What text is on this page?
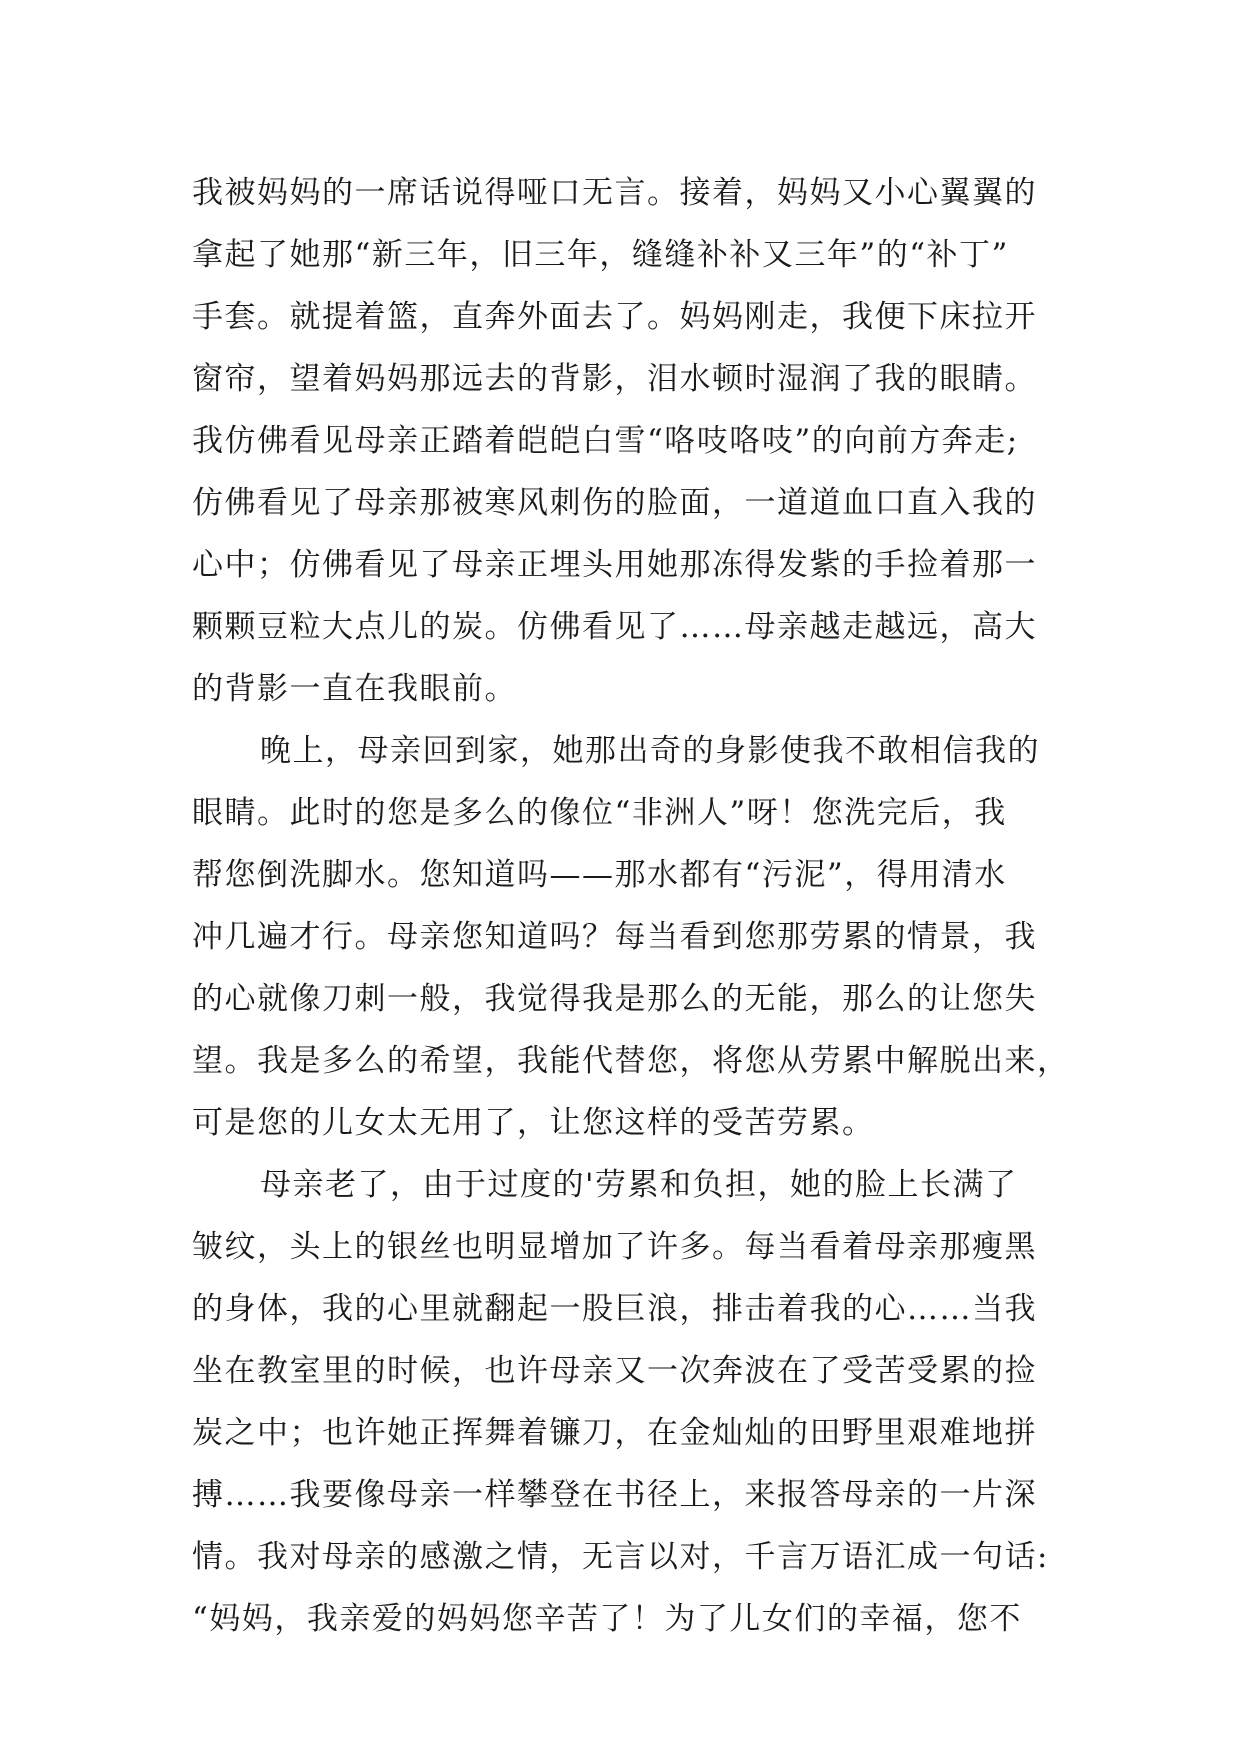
我被妈妈的一席话说得哑口无言。接着，妈妈又小心翼翼的
拿起了她那“新三年，旧三年，缝缝补补又三年”的“补丁”
手套。就提着篮，直奔外面去了。妈妈刚走，我便下床拉开
窗帘，望着妈妈那远去的背影，泪水顿时湿润了我的眼睛。
我仿佛看见母亲正踏着皑皑白雪“咯吱咯吱”的向前方奔走;
仿佛看见了母亲那被寒风刺伤的脸面，一道道血口直入我的
心中；仿佛看见了母亲正埋头用她那冻得发紫的手捡着那一
颗颗豆粒大点儿的炭。仿佛看见了……母亲越走越远，高大
的背影一直在我眼前。

晚上，母亲回到家，她那出奇的身影使我不敢相信我的
眼睛。此时的您是多么的像位“非洲人”呀！您洗完后，我
帮您倒洗脚水。您知道吗——那水都有“污泥”，得用清水
冲几遍才行。母亲您知道吗？每当看到您那劳累的情景，我
的心就像刀刺一般，我觉得我是那么的无能，那么的让您失
望。我是多么的希望，我能代替您，将您从劳累中解脱出来，
可是您的儿女太无用了，让您这样的受苦劳累。

母亲老了，由于过度的'劳累和负担，她的脸上长满了
皱纹，头上的银丝也明显增加了许多。每当看着母亲那瘦黑
的身体，我的心里就翻起一股巨浪，排击着我的心……当我
坐在教室里的时候，也许母亲又一次奔波在了受苦受累的捡
炭之中；也许她正挥舞着镰刀，在金灿灿的田野里艰难地拼
搏……我要像母亲一样攀登在书径上，来报答母亲的一片深
情。我对母亲的感激之情，无言以对，千言万语汇成一句话:
“妈妈，我亲爱的妈妈您辛苦了！为了儿女们的幸福，您不
